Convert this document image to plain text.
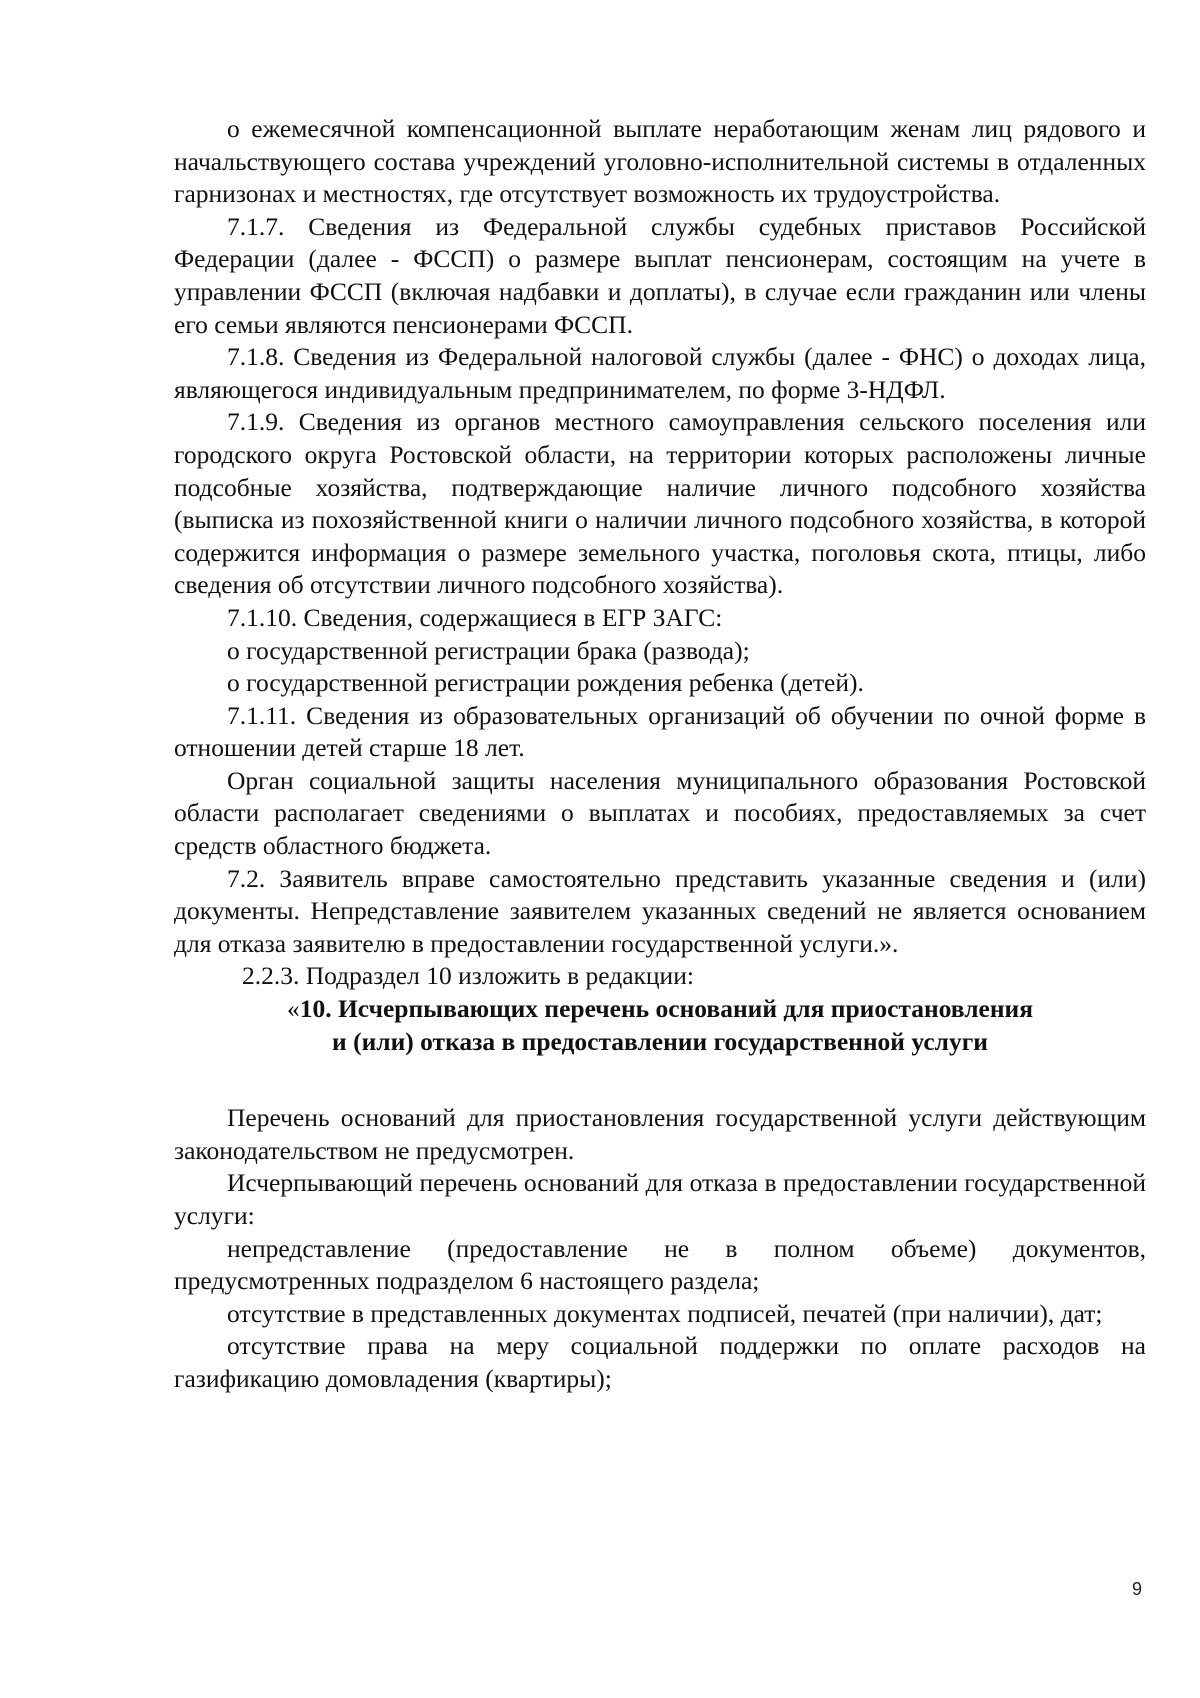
о ежемесячной компенсационной выплате неработающим женам лиц рядового и начальствующего состава учреждений уголовно-исполнительной системы в отдаленных гарнизонах и местностях, где отсутствует возможность их трудоустройства.

7.1.7. Сведения из Федеральной службы судебных приставов Российской Федерации (далее - ФССП) о размере выплат пенсионерам, состоящим на учете в управлении ФССП (включая надбавки и доплаты), в случае если гражданин или члены его семьи являются пенсионерами ФССП.

7.1.8. Сведения из Федеральной налоговой службы (далее - ФНС) о доходах лица, являющегося индивидуальным предпринимателем, по форме 3-НДФЛ.

7.1.9. Сведения из органов местного самоуправления сельского поселения или городского округа Ростовской области, на территории которых расположены личные подсобные хозяйства, подтверждающие наличие личного подсобного хозяйства (выписка из похозяйственной книги о наличии личного подсобного хозяйства, в которой содержится информация о размере земельного участка, поголовья скота, птицы, либо сведения об отсутствии личного подсобного хозяйства).

7.1.10. Сведения, содержащиеся в ЕГР ЗАГС:

о государственной регистрации брака (развода);

о государственной регистрации рождения ребенка (детей).

7.1.11. Сведения из образовательных организаций об обучении по очной форме в отношении детей старше 18 лет.

Орган социальной защиты населения муниципального образования Ростовской области располагает сведениями о выплатах и пособиях, предоставляемых за счет средств областного бюджета.

7.2. Заявитель вправе самостоятельно представить указанные сведения и (или) документы. Непредставление заявителем указанных сведений не является основанием для отказа заявителю в предоставлении государственной услуги.».

2.2.3. Подраздел 10 изложить в редакции:

«10. Исчерпывающих перечень оснований для приостановления

и (или) отказа в предоставлении государственной услуги

Перечень оснований для приостановления государственной услуги действующим законодательством не предусмотрен.

Исчерпывающий перечень оснований для отказа в предоставлении государственной услуги:

непредставление (предоставление не в полном объеме) документов, предусмотренных подразделом 6 настоящего раздела;

отсутствие в представленных документах подписей, печатей (при наличии), дат;

отсутствие права на меру социальной поддержки по оплате расходов на газификацию домовладения (квартиры);

9
